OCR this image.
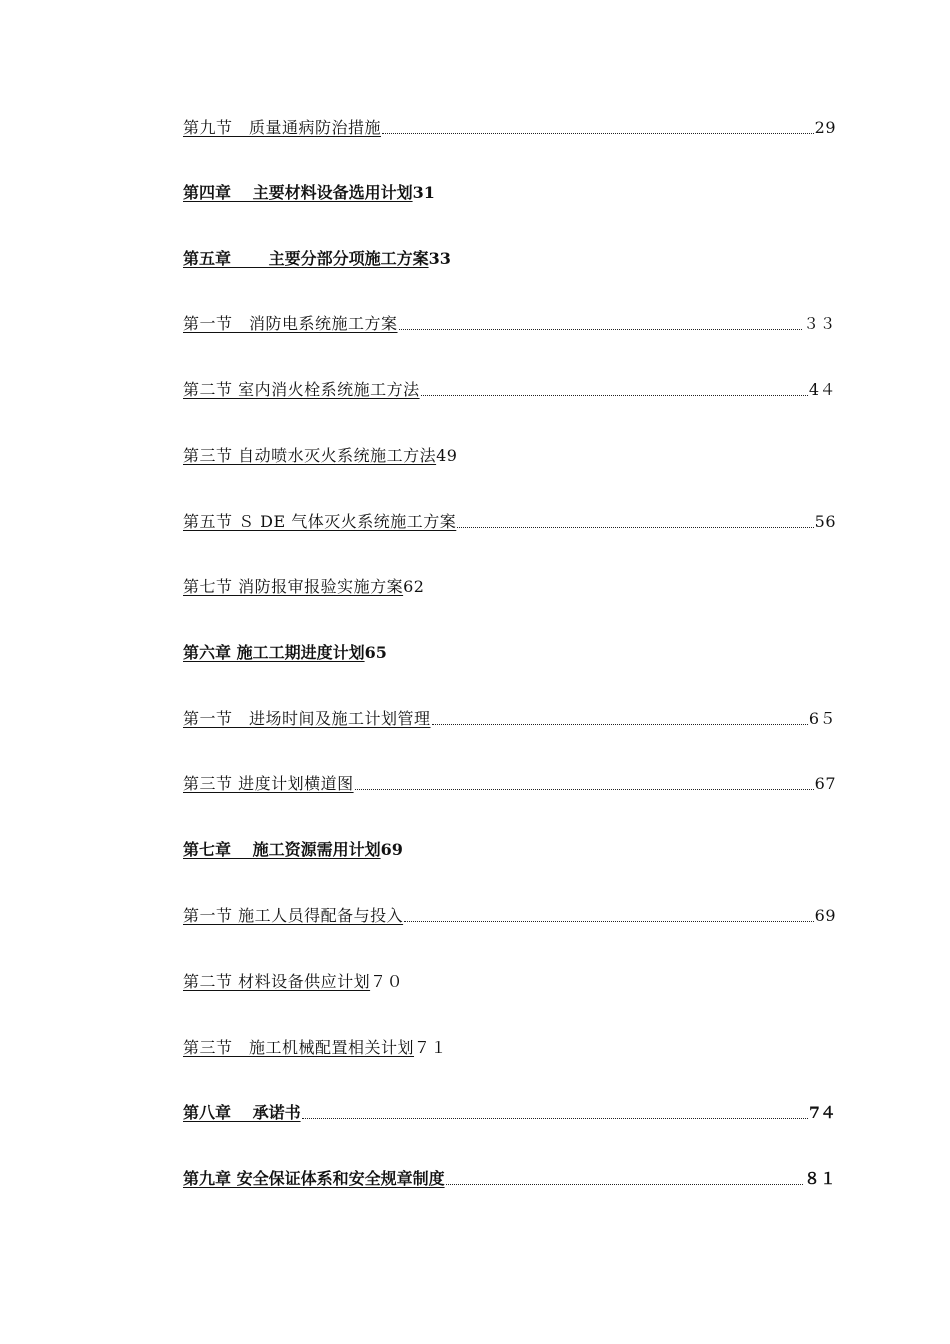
第九节　质量通病防治措施	29
第四章　 主要材料设备选用计划 31
第五章　　 主要分部分项施工方案 33
第一节　消防电系统施工方案	３３
第二节 室内消火栓系统施工方法	4４
第三节 自动喷水灭火系统施工方法 49
第五节 Ｓ DE 气体灭火系统施工方案	56
第七节 消防报审报验实施方案 62
第六章 施工工期进度计划 65
第一节　进场时间及施工计划管理	6５
第三节 进度计划横道图	67
第七章　 施工资源需用计划 69
第一节 施工人员得配备与投入	69
第二节 材料设备供应计划 ７０
第三节　施工机械配置相关计划 ７１
第八章　 承诺书	7４
第九章 安全保证体系和安全规章制度	８１
